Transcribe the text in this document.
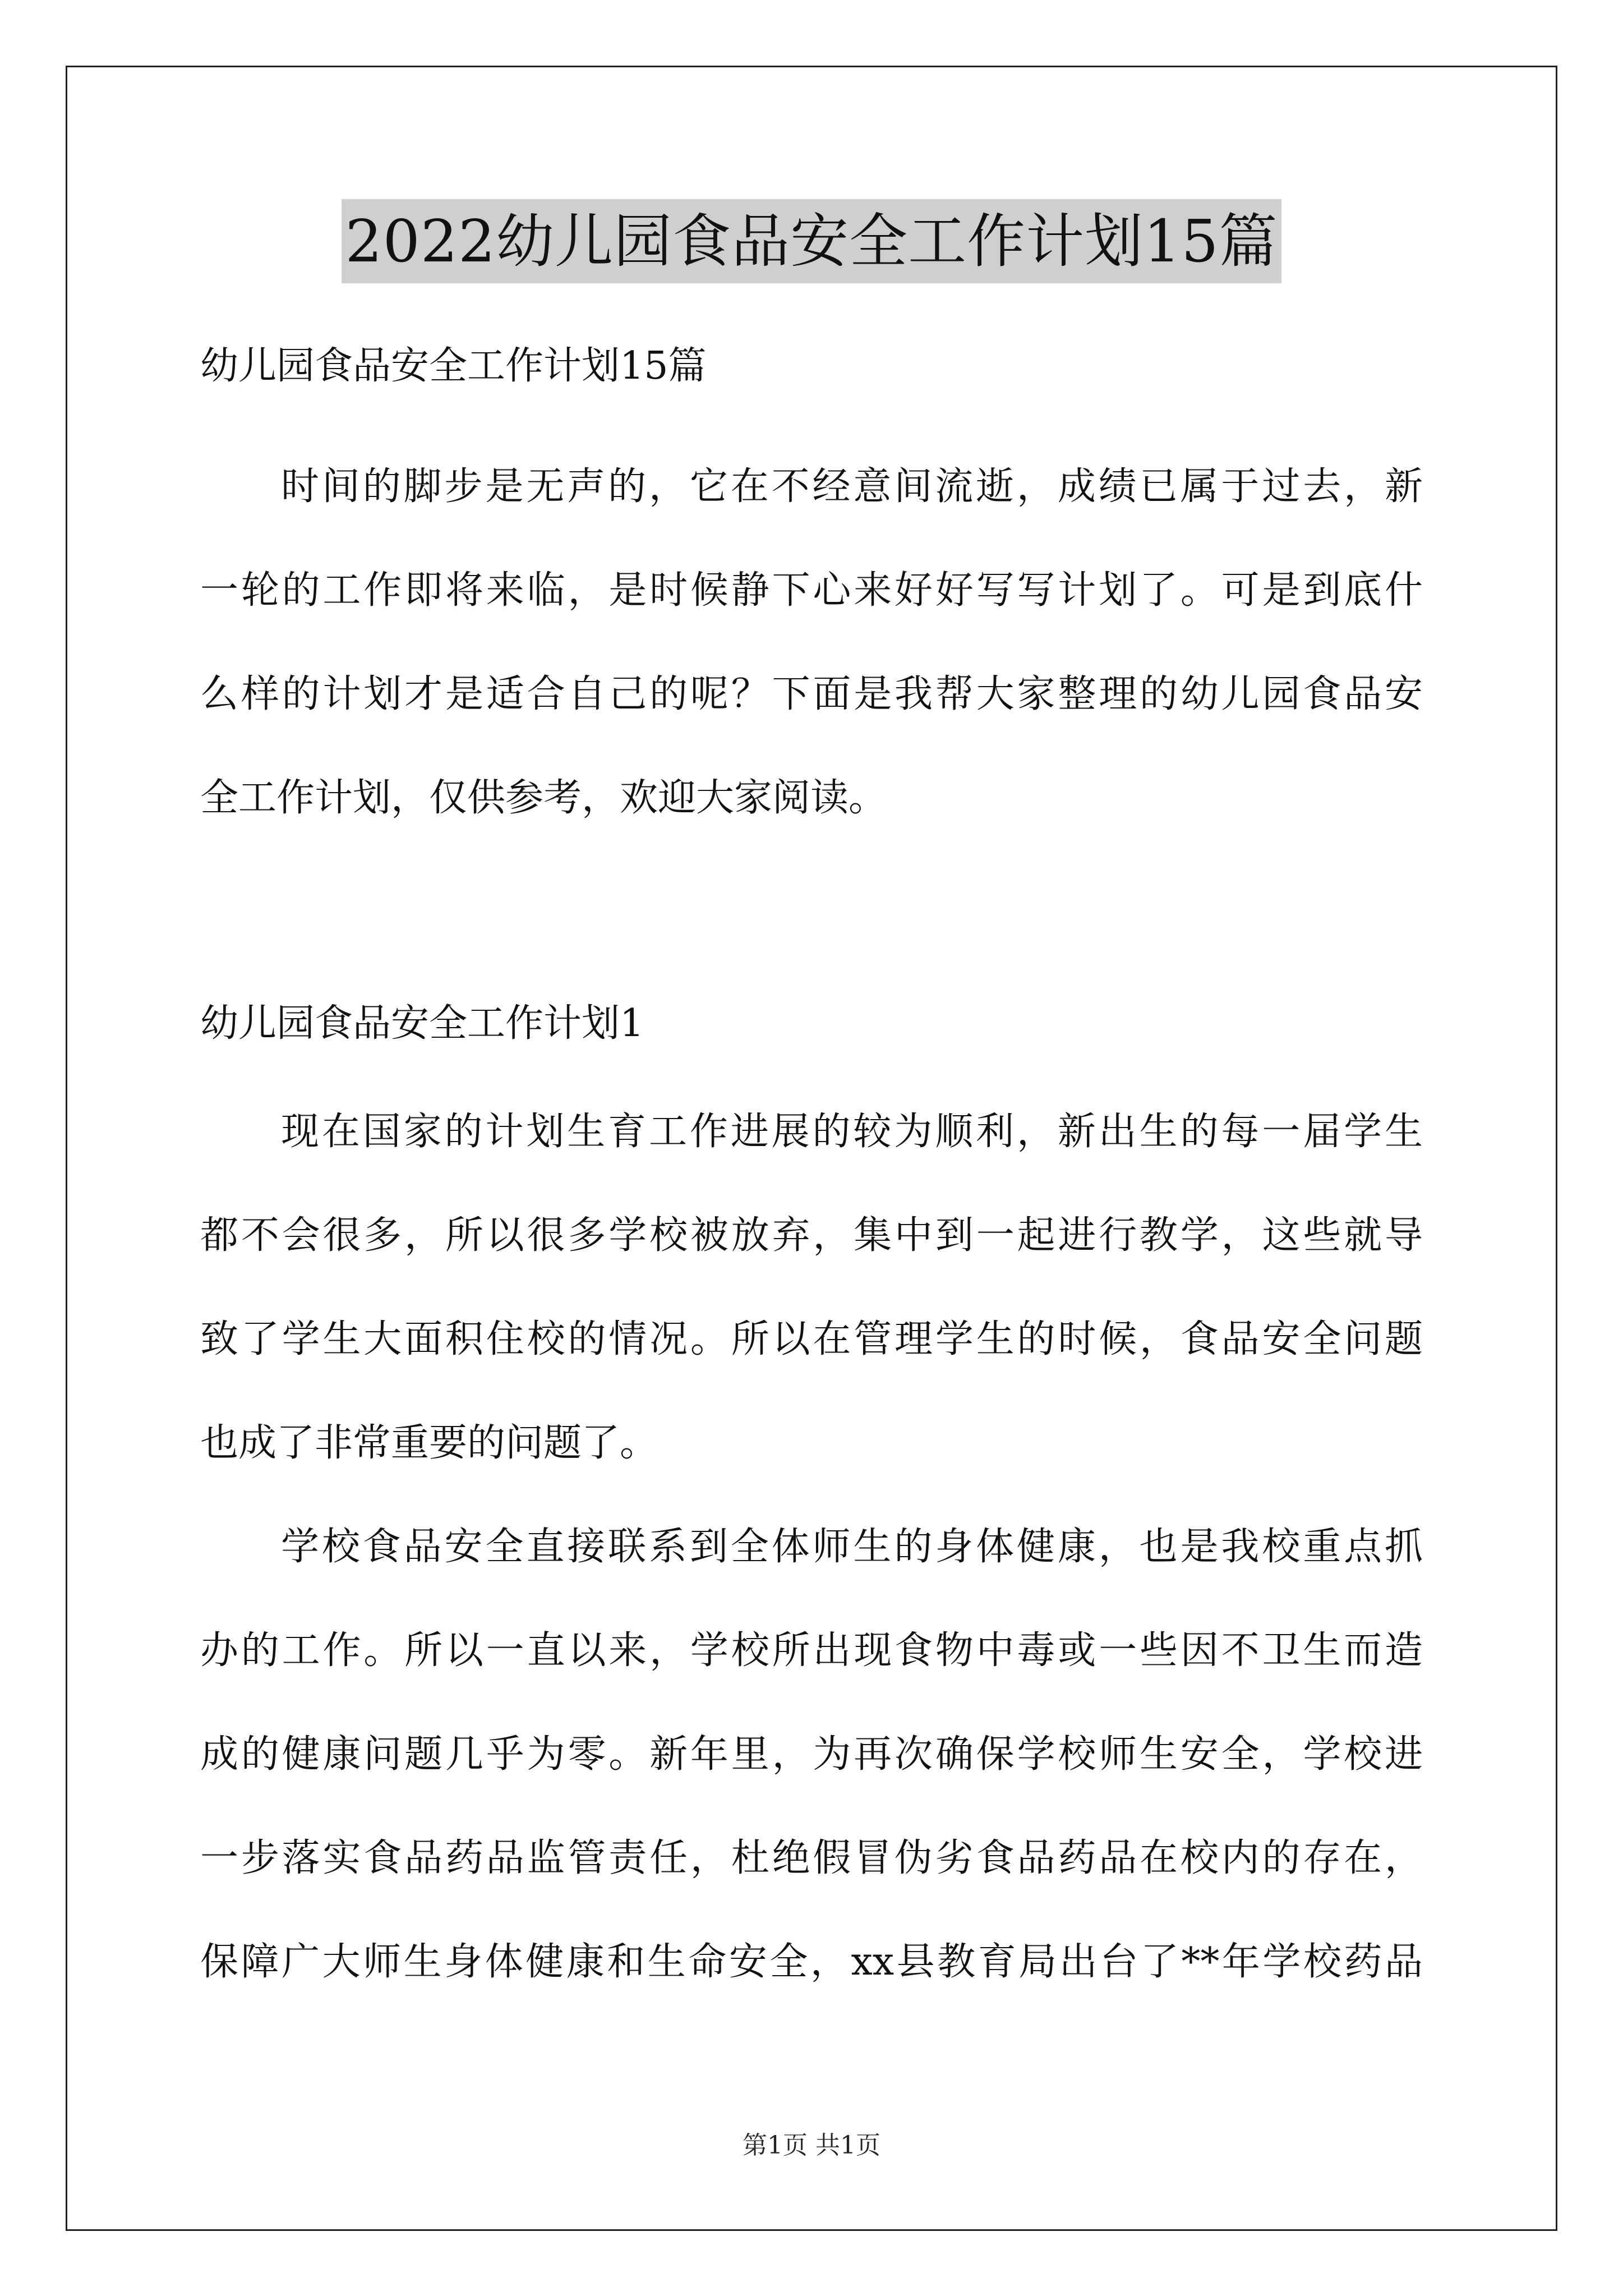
2022幼儿园食品安全工作计划15篇
幼儿园食品安全工作计划15篇
时间的脚步是无声的，它在不经意间流逝，成绩已属于过去，新
一轮的工作即将来临，是时候静下心来好好写写计划了。可是到底什
么样的计划才是适合自己的呢？下面是我帮大家整理的幼儿园食品安
全工作计划，仅供参考，欢迎大家阅读。
幼儿园食品安全工作计划1
现在国家的计划生育工作进展的较为顺利，新出生的每一届学生
都不会很多，所以很多学校被放弃，集中到一起进行教学，这些就导
致了学生大面积住校的情况。所以在管理学生的时候，食品安全问题
也成了非常重要的问题了。
学校食品安全直接联系到全体师生的身体健康，也是我校重点抓
办的工作。所以一直以来，学校所出现食物中毒或一些因不卫生而造
成的健康问题几乎为零。新年里，为再次确保学校师生安全，学校进
一步落实食品药品监管责任，杜绝假冒伪劣食品药品在校内的存在，
保障广大师生身体健康和生命安全，xx县教育局出台了**年学校药品
第1页 共1页
